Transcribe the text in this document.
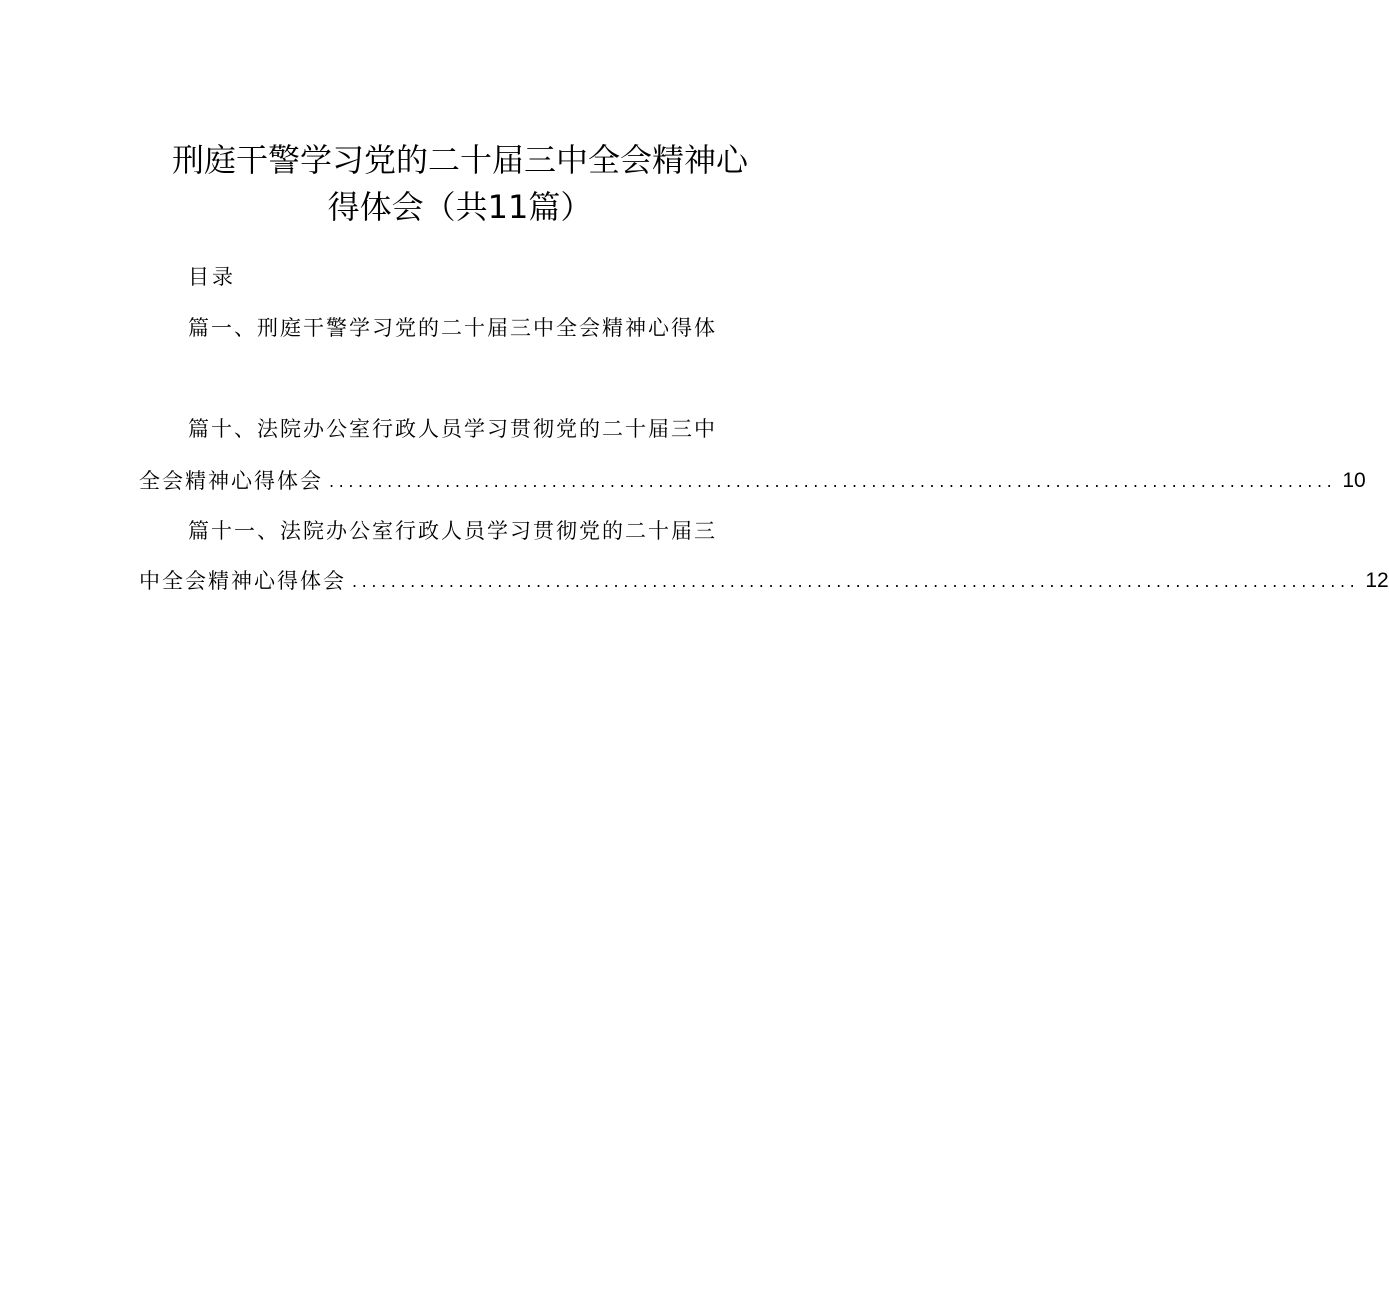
刑庭干警学习党的二十届三中全会精神心
得体会（共11篇）
目录
篇一、刑庭干警学习党的二十届三中全会精神心得体
篇十、法院办公室行政人员学习贯彻党的二十届三中
全会精神心得体会 ........................................................................................................ 10
篇十一、法院办公室行政人员学习贯彻党的二十届三
中全会精神心得体会 ........................................................................................................ 12
